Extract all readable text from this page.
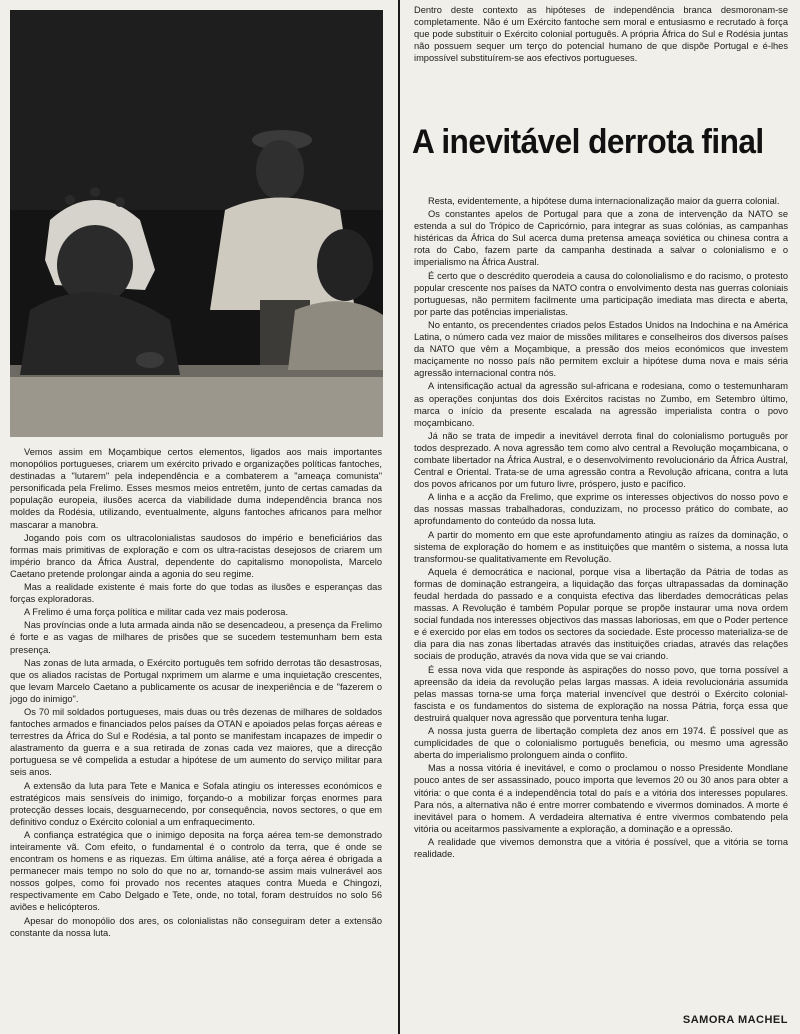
Dentro deste contexto as hipóteses de independência branca desmoronam-se completamente. Não é um Exército fantoche sem moral e entusiasmo e recrutado à força que pode substituir o Exército colonial português. A própria África do Sul e Rodésia juntas não possuem sequer um terço do potencial humano de que dispõe Portugal e é-lhes impossível substituírem-se aos efectivos portugueses.

A inevitável derrota final

Resta, evidentemente, a hipótese duma internacionalização maior da guerra colonial.

Os constantes apelos de Portugal para que a zona de intervenção da NATO se estenda a sul do Trópico de Capricórnio, para integrar as suas colónias, as campanhas histéricas da África do Sul acerca duma pretensa ameaça soviética ou chinesa contra a rota do Cabo, fazem parte da campanha destinada a salvar o colonialismo e o imperialismo na África Austral.

É certo que o descrédito querodeia a causa do colonolialismo e do racismo, o protesto popular crescente nos países da NATO contra o envolvimento desta nas guerras coloniais portuguesas, não permitem facilmente uma participação imediata mas directa e aberta, por parte das potências imperialistas.

No entanto, os precendentes criados pelos Estados Unidos na Indochina e na América Latina, o número cada vez maior de missões militares e conselheiros dos diversos países da NATO que vêm a Moçambique, a pressão dos meios económicos que investem maciçamente no nosso país não permitem excluir a hipótese duma nova e mais séria agressão internacional contra nós.

A intensificação actual da agressão sul-africana e rodesiana, como o testemunharam as operações conjuntas dos dois Exércitos racistas no Zumbo, em Setembro último, marca o início da presente escalada na agressão imperialista contra o povo moçambicano.

Já não se trata de impedir a inevitável derrota final do colonialismo português por todos desprezado. A nova agressão tem como alvo central a Revolução moçambicana, o combate libertador na África Austral, e o desenvolvimento revolucionário da África Austral, Central e Oriental. Trata-se de uma agressão contra a Revolução africana, contra a luta dos povos africanos por um futuro livre, próspero, justo e pacífico.

A linha e a acção da Frelimo, que exprime os interesses objectivos do nosso povo e das nossas massas trabalhadoras, conduzizam, no processo prático do combate, ao aprofundamento do conteúdo da nossa luta.

A partir do momento em que este aprofundamento atingiu as raízes da dominação, o sistema de exploração do homem e as instituições que mantêm o sistema, a nossa luta transformou-se qualitativamente em Revolução.

Aquela é democrática e nacional, porque visa a libertação da Pátria de todas as formas de dominação estrangeira, a liquidação das forças ultrapassadas da dominação feudal herdada do passado e a conquista efectiva das liberdades democráticas pelas massas. A Revolução é também Popular porque se propõe instaurar uma nova ordem social fundada nos interesses objectivos das massas laboriosas, em que o Poder pertence e é exercido por elas em todos os sectores da sociedade. Este processo materializa-se de dia para dia nas zonas libertadas através das instituições criadas, através das relações sociais de produção, através da nova vida que se vai criando.

É essa nova vida que responde às aspirações do nosso povo, que torna possível a apreensão da ideia da revolução pelas largas massas. A ideia revolucionária assumida pelas massas torna-se uma força material invencível que destrói o Exército colonial-fascista e os fundamentos do sistema de exploração na nossa Pátria, força essa que destruirá qualquer nova agressão que porventura tenha lugar.

A nossa justa guerra de libertação completa dez anos em 1974. É possível que as cumplicidades de que o colonialismo português beneficia, ou mesmo uma agressão aberta do imperialismo prolonguem ainda o conflito.

Mas a nossa vitória é inevitável, e como o proclamou o nosso Presidente Mondlane pouco antes de ser assassinado, pouco importa que levemos 20 ou 30 anos para obter a vitória: o que conta é a independência total do país e a vitória dos interesses populares. Para nós, a alternativa não é entre morrer combatendo e vivermos dominados. A morte é inevitável para o homem. A verdadeira alternativa é entre vivermos combatendo pela vitória ou aceitarmos passivamente a exploração, a dominação e a opressão.

A realidade que vivemos demonstra que a vitória é possível, que a vitória se torna realidade.

Vemos assim em Moçambique certos elementos, ligados aos mais importantes monopólios portugueses, criarem um exército privado e organizações políticas fantoches, destinadas a "lutarem" pela independência e a combaterem a "ameaça comunista" personificada pela Frelimo. Esses mesmos meios entretêm, junto de certas camadas da população europeia, ilusões acerca da viabilidade duma independência branca nos moldes da Rodésia, utilizando, eventualmente, alguns fantoches africanos para melhor mascarar a manobra.

Jogando pois com os ultracolonialistas saudosos do império e beneficiários das formas mais primitivas de exploração e com os ultra-racistas desejosos de criarem um império branco da África Austral, dependente do capitalismo monopolista, Marcelo Caetano pretende prolongar ainda a agonia do seu regime.

Mas a realidade existente é mais forte do que todas as ilusões e esperanças das forças exploradoras.

A Frelimo é uma força política e militar cada vez mais poderosa.

Nas províncias onde a luta armada ainda não se desencadeou, a presença da Frelimo é forte e as vagas de milhares de prisões que se sucedem testemunham bem esta presença.

Nas zonas de luta armada, o Exército português tem sofrido derrotas tão desastrosas, que os aliados racistas de Portugal nxprimem um alarme e uma inquietação crescentes, que levam Marcelo Caetano a publicamente os acusar de inexperiência e de "fazerem o jogo do inimigo".

Os 70 mil soldados portugueses, mais duas ou três dezenas de milhares de soldados fantoches armados e financiados pelos países da OTAN e apoiados pelas forças aéreas e terrestres da África do Sul e Rodésia, a tal ponto se manifestam incapazes de impedir o alastramento da guerra e a sua retirada de zonas cada vez maiores, que a direcção portuguesa se vê compelida a estudar a hipótese de um aumento do serviço militar para seis anos.

A extensão da luta para Tete e Manica e Sofala atingiu os interesses económicos e estratégicos mais sensíveis do inimigo, forçando-o a mobilizar forças enormes para protecção desses locais, desguarnecendo, por consequência, novos sectores, o que em definitivo conduz o Exército colonial a um enfraquecimento.

A confiança estratégica que o inimigo deposita na força aérea tem-se demonstrado inteiramente vã. Com efeito, o fundamental é o controlo da terra, que é onde se encontram os homens e as riquezas. Em última análise, até a força aérea é obrigada a permanecer mais tempo no solo do que no ar, tornando-se assim mais vulnerável aos nossos golpes, como foi provado nos recentes ataques contra Mueda e Chingozi, respectivamente em Cabo Delgado e Tete, onde, no total, foram destruídos no solo 56 aviões e helicópteros.

Apesar do monopólio dos ares, os colonialistas não conseguiram deter a extensão constante da nossa luta.

SAMORA MACHEL
